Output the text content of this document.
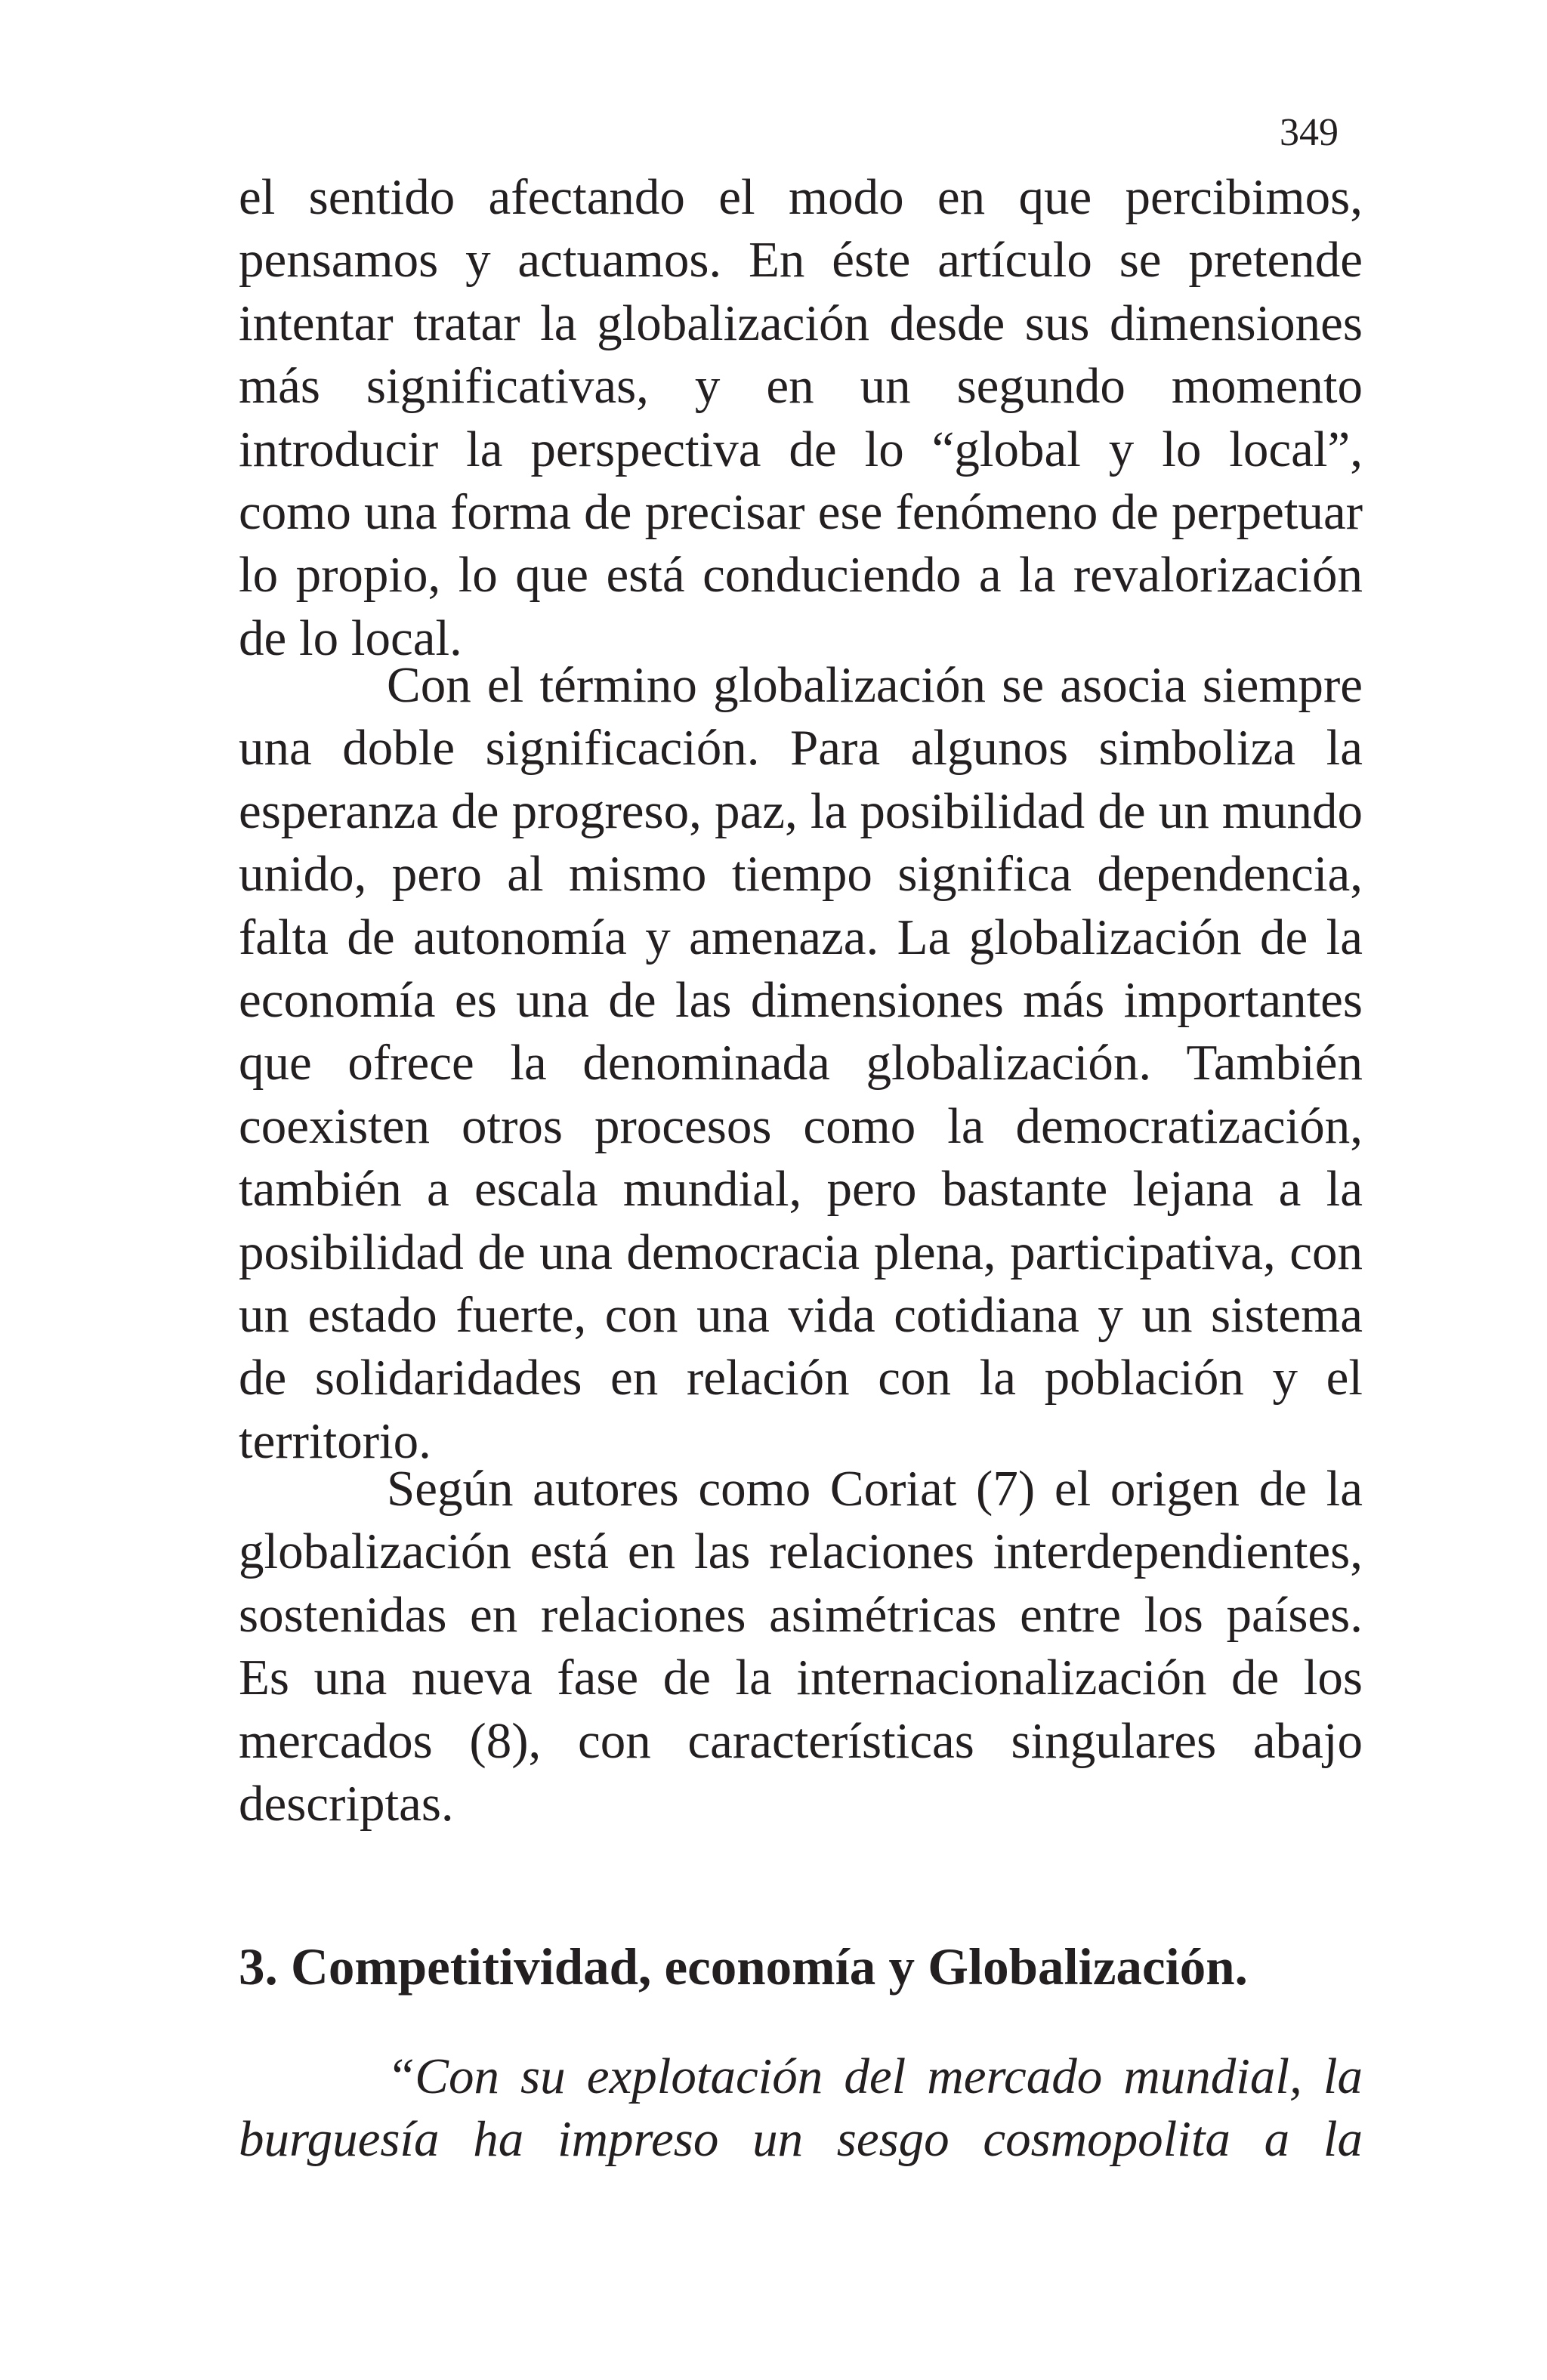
349

el sentido afectando el modo en que percibimos, pensamos y actuamos. En éste artículo se pretende intentar tratar la globalización desde sus dimensiones más significativas, y en un segundo momento introducir la perspectiva de lo “global y lo local”, como una forma de precisar ese fenómeno de perpetuar lo propio, lo que está conduciendo a la revalorización de lo local.

Con el término globalización se asocia siempre una doble significación. Para algunos simboliza la esperanza de progreso, paz, la posibilidad de un mundo unido, pero al mismo tiempo significa dependencia, falta de autonomía y amenaza. La globalización de la economía es una de las dimensiones más importantes que ofrece la denominada globalización. También coexisten otros procesos como la democratización, también a escala mundial, pero bastante lejana a la posibilidad de una democracia plena, participativa, con un estado fuerte, con una vida cotidiana y un sistema de solidaridades en relación con la población y el territorio.

Según autores como Coriat (7) el origen de la globalización está en las relaciones interdependientes, sostenidas en relaciones asimétricas entre los países. Es una nueva fase de la internacionalización de los mercados (8), con características singulares abajo descriptas.

3. Competitividad, economía y Globalización.

“Con su explotación del mercado mundial, la burguesía ha impreso un sesgo cosmopolita a la
